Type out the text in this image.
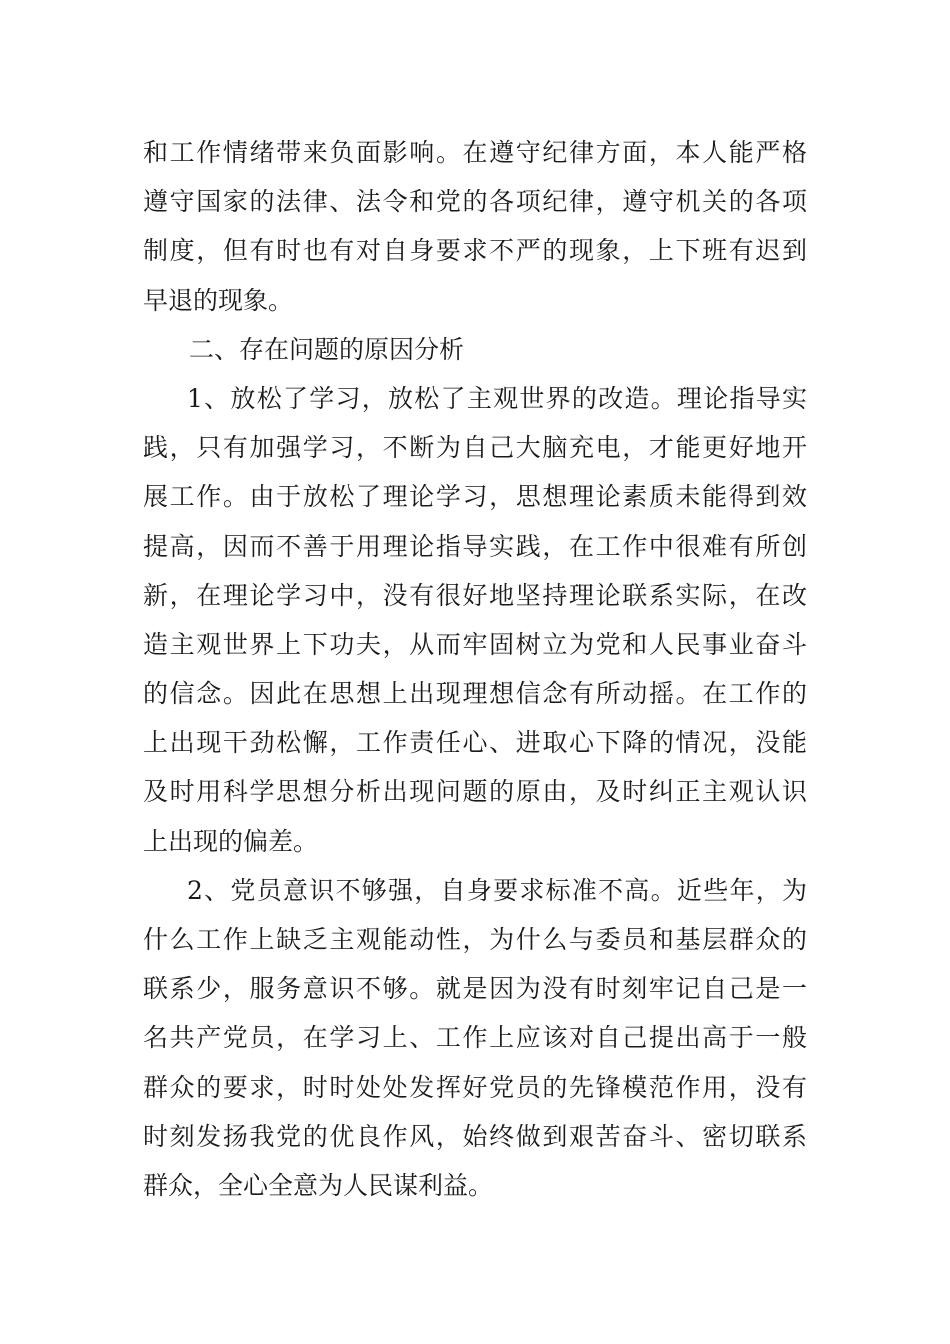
和工作情绪带来负面影响。在遵守纪律方面，本人能严格
遵守国家的法律、法令和党的各项纪律，遵守机关的各项
制度，但有时也有对自身要求不严的现象，上下班有迟到
早退的现象。
二、存在问题的原因分析
1、放松了学习，放松了主观世界的改造。理论指导实
践，只有加强学习，不断为自己大脑充电，才能更好地开
展工作。由于放松了理论学习，思想理论素质未能得到效
提高，因而不善于用理论指导实践，在工作中很难有所创
新，在理论学习中，没有很好地坚持理论联系实际，在改
造主观世界上下功夫，从而牢固树立为党和人民事业奋斗
的信念。因此在思想上出现理想信念有所动摇。在工作的
上出现干劲松懈，工作责任心、进取心下降的情况，没能
及时用科学思想分析出现问题的原由，及时纠正主观认识
上出现的偏差。
2、党员意识不够强，自身要求标准不高。近些年，为
什么工作上缺乏主观能动性，为什么与委员和基层群众的
联系少，服务意识不够。就是因为没有时刻牢记自己是一
名共产党员，在学习上、工作上应该对自己提出高于一般
群众的要求，时时处处发挥好党员的先锋模范作用，没有
时刻发扬我党的优良作风，始终做到艰苦奋斗、密切联系
群众，全心全意为人民谋利益。
